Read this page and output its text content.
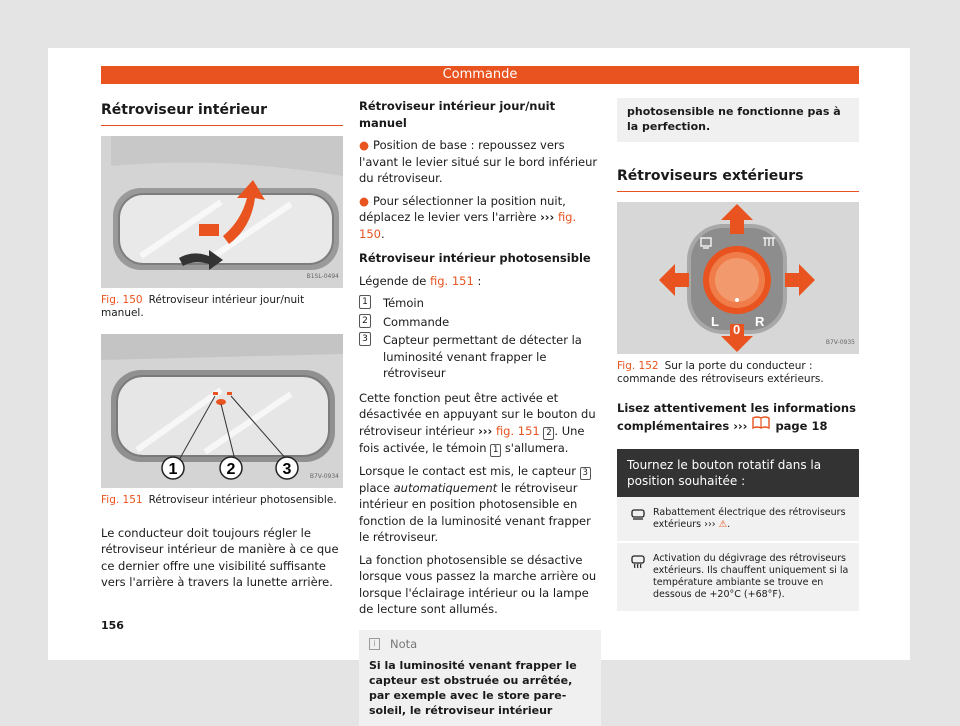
Commande
Rétroviseur intérieur
B1SL-0494

Fig. 150 Rétroviseur intérieur jour/nuit manuel.

1	2	3	B7V-0934

Fig. 151 Rétroviseur intérieur photosensible.

Le conducteur doit toujours régler le rétroviseur intérieur de manière à ce que ce dernier offre une visibilité suffisante vers l'arrière à travers la lunette arrière.

Rétroviseur intérieur jour/nuit manuel

● Position de base : repoussez vers l'avant le levier situé sur le bord inférieur du rétroviseur.

● Pour sélectionner la position nuit, déplacez le levier vers l'arrière ››› fig. 150.

Rétroviseur intérieur photosensible

Légende de fig. 151 :

1 Témoin
2 Commande
3 Capteur permettant de détecter la luminosité venant frapper le rétroviseur

Cette fonction peut être activée et désactivée en appuyant sur le bouton du rétroviseur intérieur ››› fig. 151 2 . Une fois activée, le témoin 1 s'allumera.

Lorsque le contact est mis, le capteur 3 place automatiquement le rétroviseur intérieur en position photosensible en fonction de la luminosité venant frapper le rétroviseur.

La fonction photosensible se désactive lorsque vous passez la marche arrière ou lorsque l'éclairage intérieur ou la lampe de lecture sont allumés.

i	Nota
Si la luminosité venant frapper le capteur est obstruée ou arrêtée, par exemple avec le store pare-soleil, le rétroviseur intérieur
photosensible ne fonctionne pas à la perfection.
Rétroviseurs extérieurs
L
0
R
B7V-0935

Fig. 152 Sur la porte du conducteur : commande des rétroviseurs extérieurs.

Lisez attentivement les informations complémentaires ››› page 18

Tournez le bouton rotatif dans la position souhaitée :
Rabattement électrique des rétroviseurs extérieurs ››› ⚠.
Activation du dégivrage des rétroviseurs extérieurs. Ils chauffent uniquement si la température ambiante se trouve en dessous de +20°C (+68°F).
156
